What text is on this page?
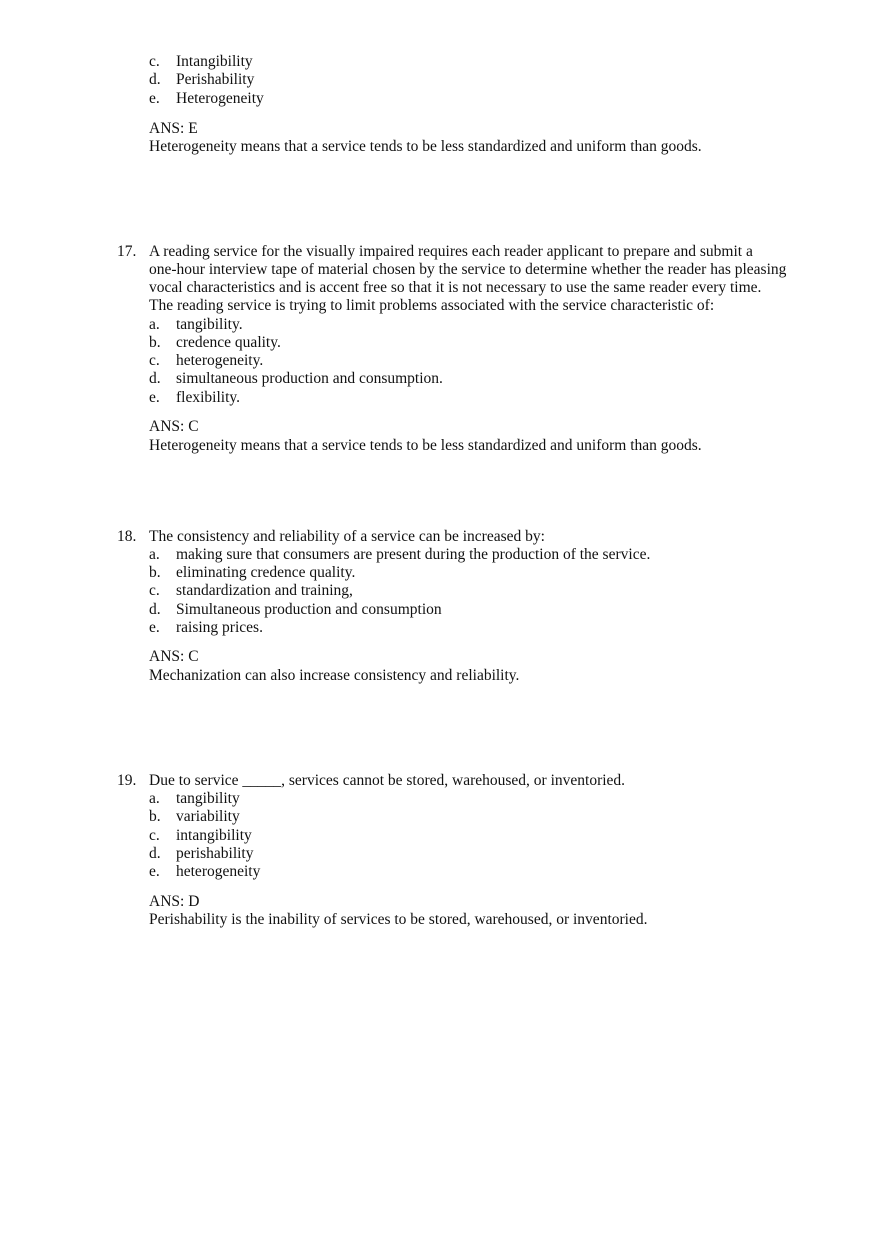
c. Intangibility
d. Perishability
e. Heterogeneity
ANS: E
Heterogeneity means that a service tends to be less standardized and uniform than goods.
17. A reading service for the visually impaired requires each reader applicant to prepare and submit a
one-hour interview tape of material chosen by the service to determine whether the reader has pleasing
vocal characteristics and is accent free so that it is not necessary to use the same reader every time.
The reading service is trying to limit problems associated with the service characteristic of:
a. tangibility.
b. credence quality.
c. heterogeneity.
d. simultaneous production and consumption.
e. flexibility.
ANS: C
Heterogeneity means that a service tends to be less standardized and uniform than goods.
18. The consistency and reliability of a service can be increased by:
a. making sure that consumers are present during the production of the service.
b. eliminating credence quality.
c. standardization and training,
d. Simultaneous production and consumption
e. raising prices.
ANS: C
Mechanization can also increase consistency and reliability.
19. Due to service _____, services cannot be stored, warehoused, or inventoried.
a. tangibility
b. variability
c. intangibility
d. perishability
e. heterogeneity
ANS: D
Perishability is the inability of services to be stored, warehoused, or inventoried.
